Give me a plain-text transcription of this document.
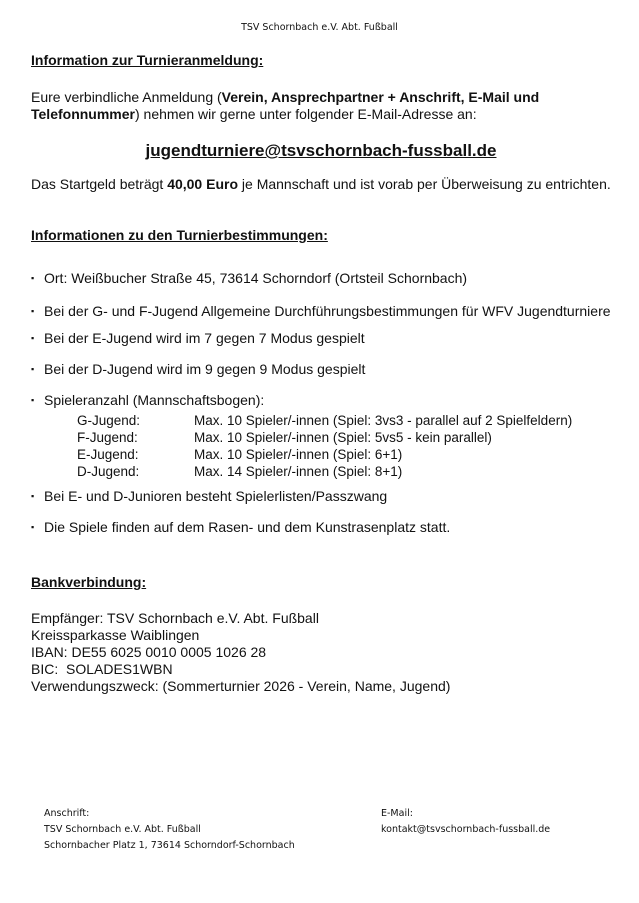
TSV Schornbach e.V. Abt. Fußball
Information zur Turnieranmeldung:

Eure verbindliche Anmeldung (Verein, Ansprechpartner + Anschrift, E-Mail und Telefonnummer) nehmen wir gerne unter folgender E-Mail-Adresse an:

jugendturniere@tsvschornbach-fussball.de

Das Startgeld beträgt 40,00 Euro je Mannschaft und ist vorab per Überweisung zu entrichten.

Informationen zu den Turnierbestimmungen:
▪ Ort: Weißbucher Straße 45, 73614 Schorndorf (Ortsteil Schornbach)
▪ Bei der G- und F-Jugend Allgemeine Durchführungsbestimmungen für WFV Jugendturniere
▪ Bei der E-Jugend wird im 7 gegen 7 Modus gespielt
▪ Bei der D-Jugend wird im 9 gegen 9 Modus gespielt
▪ Spieleranzahl (Mannschaftsbogen):
G-Jugend:	Max. 10 Spieler/-innen (Spiel: 3vs3 - parallel auf 2 Spielfeldern)
F-Jugend:	Max. 10 Spieler/-innen (Spiel: 5vs5 - kein parallel)
E-Jugend:	Max. 10 Spieler/-innen (Spiel: 6+1)
D-Jugend:	Max. 14 Spieler/-innen (Spiel: 8+1)
▪ Bei E- und D-Junioren besteht Spielerlisten/Passzwang
▪ Die Spiele finden auf dem Rasen- und dem Kunstrasenplatz statt.
Bankverbindung:
Empfänger: TSV Schornbach e.V. Abt. Fußball
Kreissparkasse Waiblingen
IBAN: DE55 6025 0010 0005 1026 28
BIC:  SOLADES1WBN
Verwendungszweck: (Sommerturnier 2026 - Verein, Name, Jugend)
Anschrift:
TSV Schornbach e.V. Abt. Fußball
Schornbacher Platz 1, 73614 Schorndorf-Schornbach
E-Mail:
kontakt@tsvschornbach-fussball.de
